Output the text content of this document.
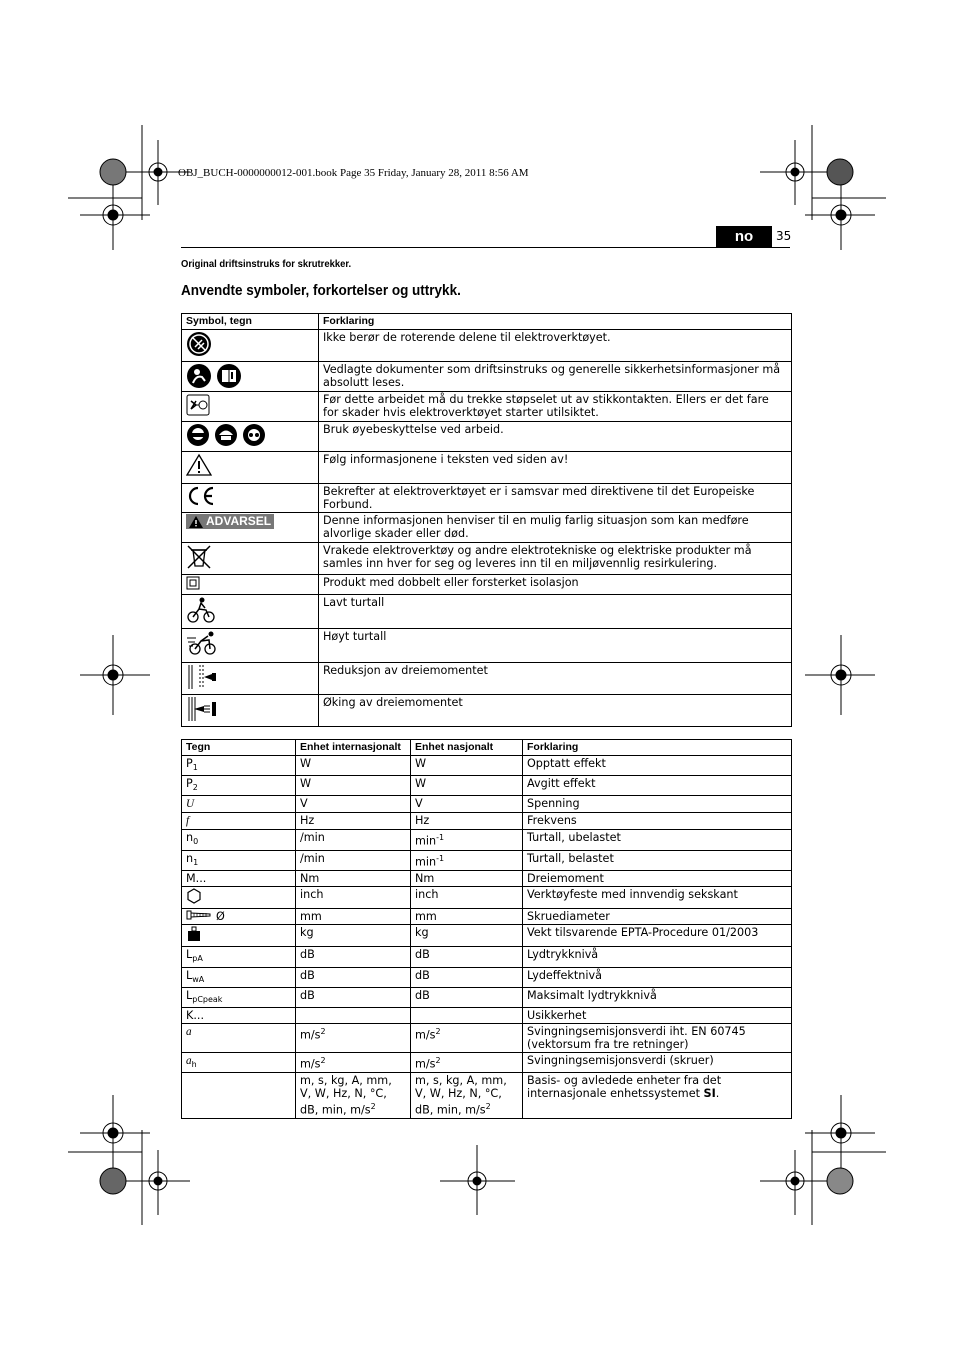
OBJ_BUCH-0000000012-001.book Page 35 Friday, January 28, 2011 8:56 AM
no	35
Original driftsinstruks for skrutrekker.
Anvendte symboler, forkortelser og uttrykk.
Symbol, tegn	Forklaring
	Ikke berør de roterende delene til elektroverktøyet.

	Vedlagte dokumenter som driftsinstruks og generelle sikkerhetsinformasjoner må absolutt leses.
	Før dette arbeidet må du trekke støpselet ut av stikkontakten. Ellers er det fare for skader hvis elektroverktøyet starter utilsiktet.

	Bruk øyebeskyttelse ved arbeid.
	Følg informasjonene i teksten ved siden av!
	Bekrefter at elektroverktøyet er i samsvar med direktivene til det Europeiske Forbund.

ADVARSEL	Denne informasjonen henviser til en mulig farlig situasjon som kan medføre alvorlige skader eller død.
	Vrakede elektroverktøy og andre elektrotekniske og elektriske produkter må samles inn hver for seg og leveres inn til en miljøvennlig resirkulering.
	Produkt med dobbelt eller forsterket isolasjon
	Lavt turtall
	Høyt turtall
	Reduksjon av dreiemomentet
	Øking av dreiemomentet
Tegn	Enhet internasjonalt	Enhet nasjonalt	Forklaring
$P_1$	W	W	Opptatt effekt
$P_2$	W	W	Avgitt effekt
U	V	V	Spenning
f	Hz	Hz	Frekvens
$n_0$	/min	$\min^{-1}$	Turtall, ubelastet
$n_1$	/min	$\min^{-1}$	Turtall, belastet
M...	Nm	Nm	Dreiemoment
	inch	inch	Verktøyfeste med innvendig sekskant
Ø	mm	mm	Skruediameter
	kg	kg	Vekt tilsvarende EPTA-Procedure 01/2003
$L_{pA}$	dB	dB	Lydtrykknivå
$L_{wA}$	dB	dB	Lydeffektnivå
$L_{pCpeak}$	dB	dB	Maksimalt lydtrykknivå
K...			Usikkerhet
a	$m/s^2$	$m/s^2$	Svingningsemisjonsverdi iht. EN 60745 (vektorsum fra tre retninger)
$a_h$	$m/s^2$	$m/s^2$	Svingningsemisjonsverdi (skruer)
	m, s, kg, A, mm, V, W, Hz, N, °C, dB, min, $m/s^2$	m, s, kg, A, mm, V, W, Hz, N, °C, dB, min, $m/s^2$	Basis- og avledede enheter fra det internasjonale enhetssystemet SI.
